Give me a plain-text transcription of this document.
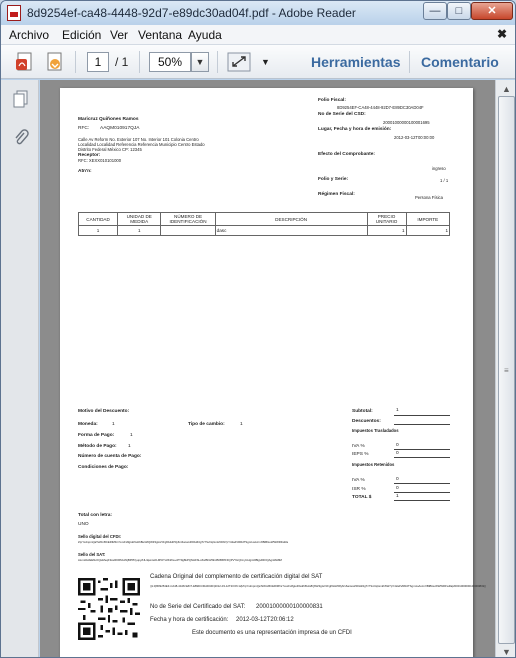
8d9254ef-ca48-4448-92d7-e89dc30ad04f.pdf - Adobe Reader	—	□	✕
Archivo Edición Ver Ventana Ayuda	✖
1	/ 1	50%	▼	▼	Herramientas Comentario
Maricruz Quiñones Ramos
RFC: AAQM010917QJA
Calle Av Reform No. Exterior 107 No. Interior 101 Colonia Centro
Localidad Localidad Referencia Referencia Municipio Centro Estado
Distrito Federal México CP: 12345
Receptor:
RFC: XEXX010101000
Atn'n:
Folio Fiscal:
8D9254EF-CA48-4448-92D7-E89DC30AD04F
No de Serie del CSD:
20001000000100001695
Lugar, Fecha y hora de emisión:
2012-03-12T00:00:00
Efecto del Comprobante:
ingreso
Folio y Serie:	1 / 1
Régimen Fiscal:
Persona Física
CANTIDAD	UNIDAD DE MEDIDA	NÚMERO DE IDENTIFICACIÓN	DESCRIPCIÓN	PRECIO UNITARIO	IMPORTE
1	1		dasc	1	1
Motivo del Descuento:
Moneda:	1	Tipo de cambio:	1
Forma de Pago:	1
Método de Pago: 1
Número de cuenta de Pago:
Condiciones de Pago:
Subtotal:	1
Descuentos:
Impuestos Trasladados
IVA %	0
IEPS %	0
Impuestos Retenidos
IVA %	0
ISR %	0
TOTAL $	1
Total con letra:
UNO
Sello digital del CFDI:
ZrpYs2npmQaTsWmBCERIMfnr7oxxFx8gtoRGdrbBuG8QWZ3gtsVzFgf0HHh5ly6rv6anwxZ00HZ4gTz7SvOqGmkhSW7pY42a4VRRdTSgm1oAvrmXBtBGuWWWRFwRa
Sello del SAT:
ALmHGzEE6LOQwMeqF3ceRKRMxJNjBPPDyupyZJL3qwvwFLM5zTdJK2hw+tPT9g8kPQNHFSLcZsrBFH59rcB0BfPiFFQPVYHQCnyGUgrA0BlgvlDlOQAgnMH8M
Cadena Original del complemento de certificación digital del SAT
||1.0|8D9254EF-CA48-4448-92D7-E89DC30AD04F|2012-03-12T20:06:12|ZrpYs2npmQaTsWmBCERIMfnr7oxxFx8gtoRGdrbBuG8QWZ3gtsVzFgf0HHh5ly6rv6anwxZ00HZ4gTz7SvOqGmkhSW7pY42a4VRRdTSgm1oAvrmXBtBGuWWWRFwRa|20001000000100000831||
No de Serie del Certificado del SAT: 20001000000100000831
Fecha y hora de certificación: 2012-03-12T20:06:12
Este documento es una representación impresa de un CFDI
▲
≡
▼
